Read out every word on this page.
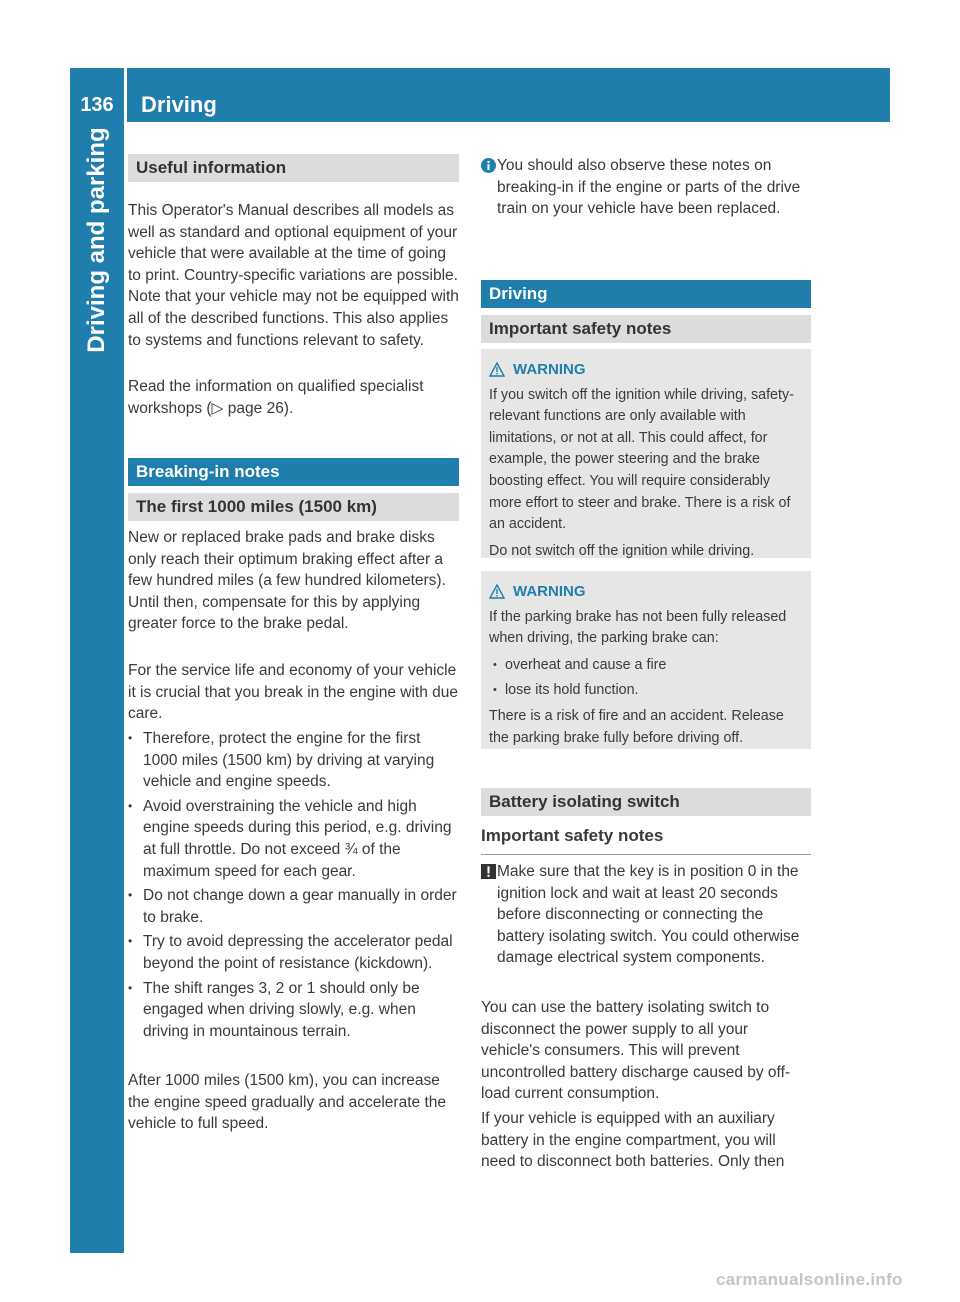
136	Driving
Driving and parking	Useful information
This Operator's Manual describes all models as well as standard and optional equipment of your vehicle that were available at the time of going to print. Country-specific variations are possible. Note that your vehicle may not be equipped with all of the described functions. This also applies to systems and functions relevant to safety.
Read the information on qualified specialist workshops (▷ page 26).
Breaking-in notes
The first 1000 miles (1500 km)
New or replaced brake pads and brake disks only reach their optimum braking effect after a few hundred miles (a few hundred kilometers). Until then, compensate for this by applying greater force to the brake pedal.
For the service life and economy of your vehicle it is crucial that you break in the engine with due care.
• Therefore, protect the engine for the first 1000 miles (1500 km) by driving at varying vehicle and engine speeds.
• Avoid overstraining the vehicle and high engine speeds during this period, e.g. driving at full throttle. Do not exceed ¾ of the maximum speed for each gear.
• Do not change down a gear manually in order to brake.
• Try to avoid depressing the accelerator pedal beyond the point of resistance (kickdown).
• The shift ranges 3, 2 or 1 should only be engaged when driving slowly, e.g. when driving in mountainous terrain.
After 1000 miles (1500 km), you can increase the engine speed gradually and accelerate the vehicle to full speed.
You should also observe these notes on breaking-in if the engine or parts of the drive train on your vehicle have been replaced.
Driving
Important safety notes
WARNING

If you switch off the ignition while driving, safety-relevant functions are only available with limitations, or not at all. This could affect, for example, the power steering and the brake boosting effect. You will require considerably more effort to steer and brake. There is a risk of an accident.

Do not switch off the ignition while driving.

WARNING

If the parking brake has not been fully released when driving, the parking brake can:

• overheat and cause a fire
• lose its hold function.

There is a risk of fire and an accident. Release the parking brake fully before driving off.

Battery isolating switch
Important safety notes
Make sure that the key is in position 0 in the ignition lock and wait at least 20 seconds before disconnecting or connecting the battery isolating switch. You could otherwise damage electrical system components.
You can use the battery isolating switch to disconnect the power supply to all your vehicle's consumers. This will prevent uncontrolled battery discharge caused by off-load current consumption.
If your vehicle is equipped with an auxiliary battery in the engine compartment, you will need to disconnect both batteries. Only then
carmanualsonline.info
